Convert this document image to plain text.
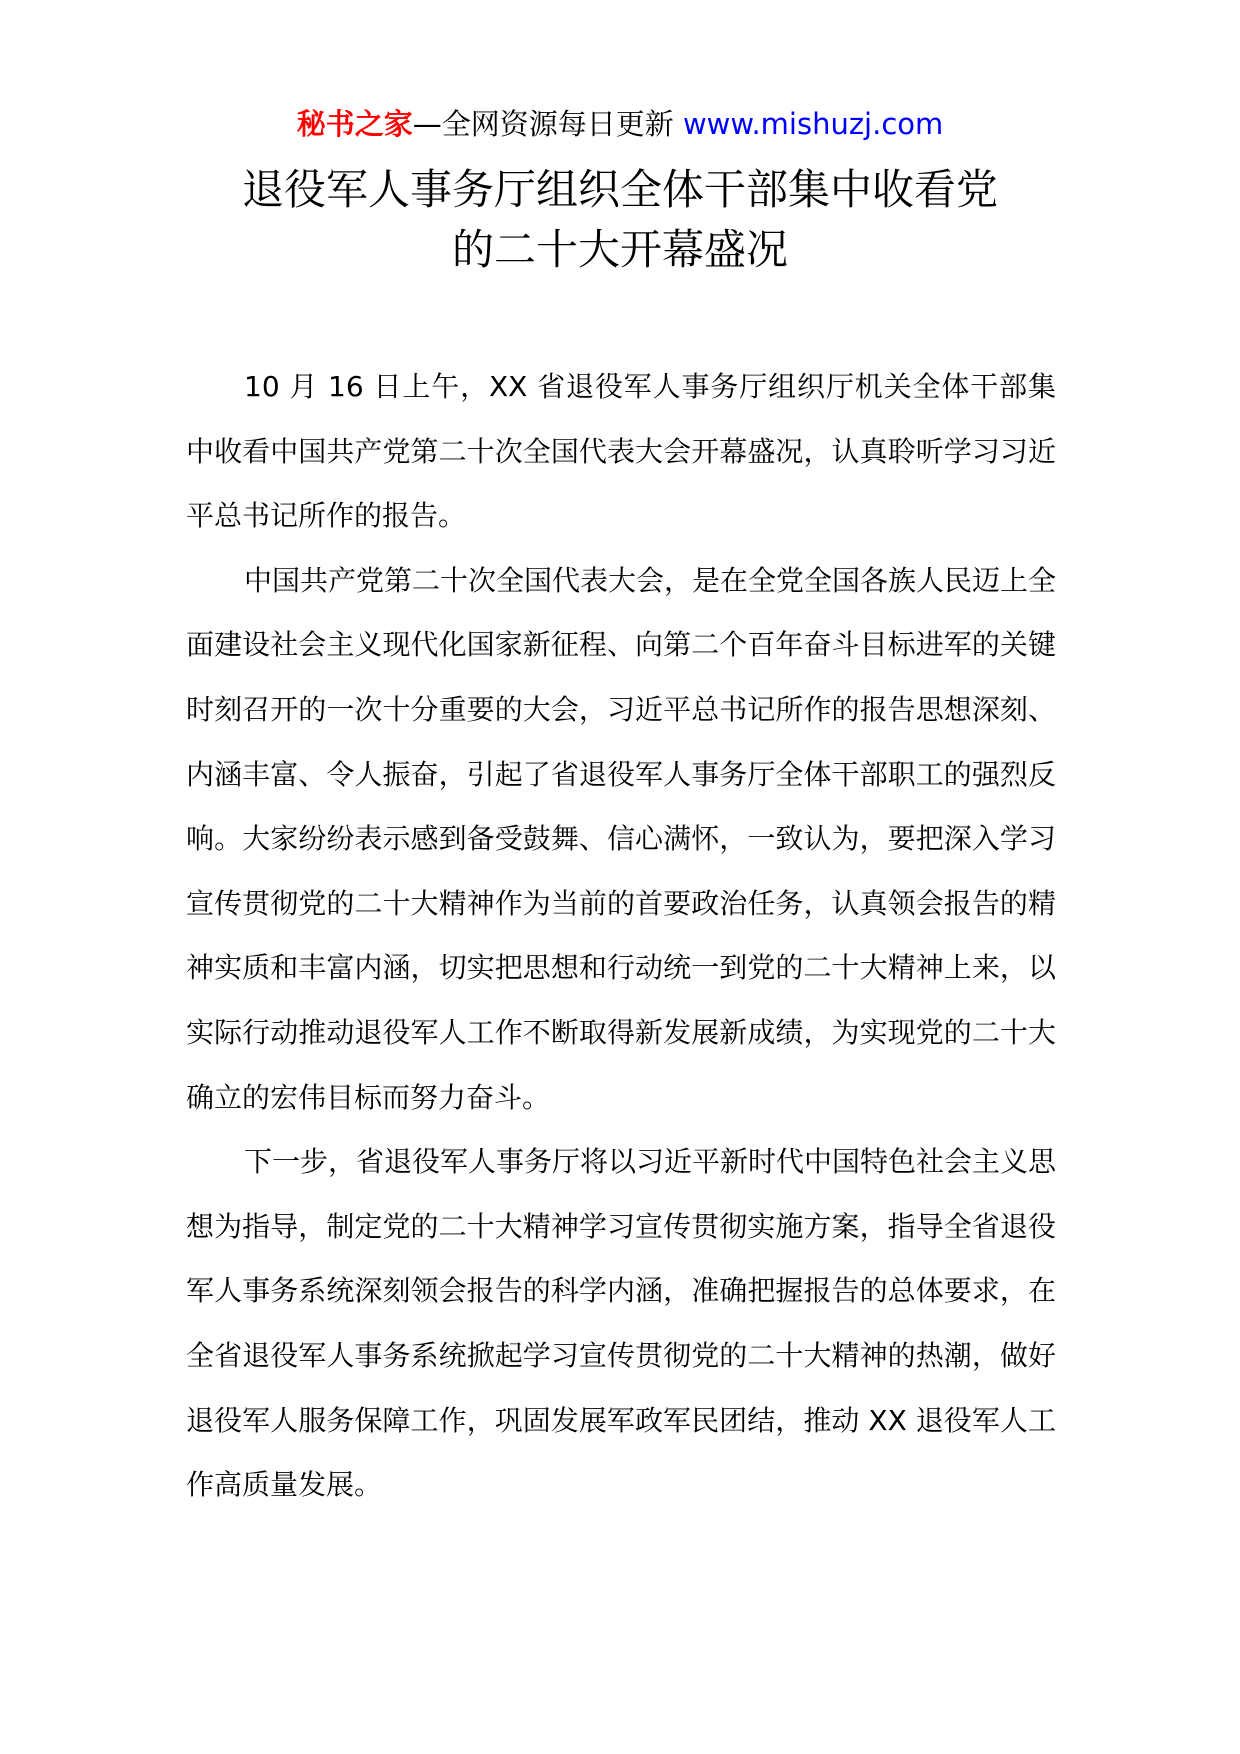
秘书之家—全网资源每日更新 www.mishuzj.com
退役军人事务厅组织全体干部集中收看党
的二十大开幕盛况

10 月 16 日上午，XX 省退役军人事务厅组织厅机关全体干部集中收看中国共产党第二十次全国代表大会开幕盛况，认真聆听学习习近平总书记所作的报告。

中国共产党第二十次全国代表大会，是在全党全国各族人民迈上全面建设社会主义现代化国家新征程、向第二个百年奋斗目标进军的关键时刻召开的一次十分重要的大会，习近平总书记所作的报告思想深刻、内涵丰富、令人振奋，引起了省退役军人事务厅全体干部职工的强烈反响。大家纷纷表示感到备受鼓舞、信心满怀，一致认为，要把深入学习宣传贯彻党的二十大精神作为当前的首要政治任务，认真领会报告的精神实质和丰富内涵，切实把思想和行动统一到党的二十大精神上来，以实际行动推动退役军人工作不断取得新发展新成绩，为实现党的二十大确立的宏伟目标而努力奋斗。

下一步，省退役军人事务厅将以习近平新时代中国特色社会主义思想为指导，制定党的二十大精神学习宣传贯彻实施方案，指导全省退役军人事务系统深刻领会报告的科学内涵，准确把握报告的总体要求，在全省退役军人事务系统掀起学习宣传贯彻党的二十大精神的热潮，做好退役军人服务保障工作，巩固发展军政军民团结，推动 XX 退役军人工作高质量发展。
